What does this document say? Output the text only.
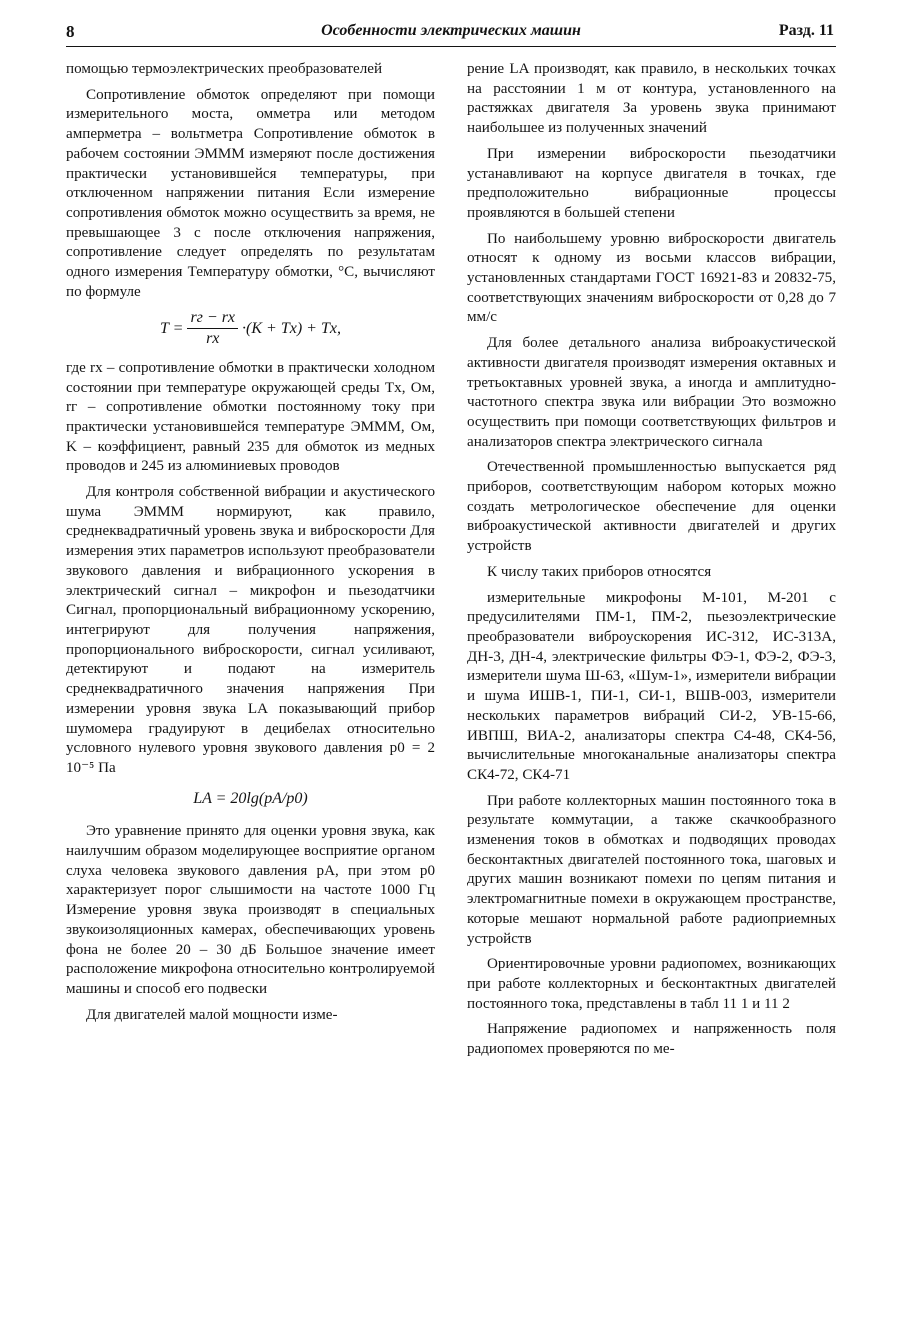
8	Особенности электрических машин	Разд. 11

помощью термоэлектрических преобразователей

Сопротивление обмоток определяют при помощи измерительного моста, омметра или методом амперметра – вольтметра Сопротивление обмоток в рабочем состоянии ЭММM измеряют после достижения практически установившейся температуры, при отключенном напряжении питания Если измерение сопротивления обмоток можно осуществить за время, не превышающее 3 с после отключения напряжения, сопротивление следует определять по результатам одного измерения Температуру обмотки, °С, вычисляют по формуле

$T = \frac{rг - rx}{rx} \cdot(K + Tx) + Tx$,

где rx – сопротивление обмотки в практически холодном состоянии при температуре окружающей среды Tx, Ом, rг – сопротивление обмотки постоянному току при практически установившейся температуре ЭММM, Ом, K – коэффициент, равный 235 для обмоток из медных проводов и 245 из алюминиевых проводов

Для контроля собственной вибрации и акустического шума ЭММM нормируют, как правило, среднеквадратичный уровень звука и виброскорости Для измерения этих параметров используют преобразователи звукового давления и вибрационного ускорения в электрический сигнал – микрофон и пьезодатчики Сигнал, пропорциональный вибрационному ускорению, интегрируют для получения напряжения, пропорционального виброскорости, сигнал усиливают, детектируют и подают на измеритель среднеквадратичного значения напряжения При измерении уровня звука LA показывающий прибор шумомера градуируют в децибелах относительно условного нулевого уровня звукового давления p0 = 2 10⁻⁵ Па

LA = 20lg(pA/p0)

Это уравнение принято для оценки уровня звука, как наилучшим образом моделирующее восприятие органом слуха человека звукового давления pA, при этом p0 характеризует порог слышимости на частоте 1000 Гц Измерение уровня звука производят в специальных звукоизоляционных камерах, обеспечивающих уровень фона не более 20 – 30 дБ Большое значение имеет расположение микрофона относительно контролируемой машины и способ его подвески

Для двигателей малой мощности изме-

рение LA производят, как правило, в нескольких точках на расстоянии 1 м от контура, установленного на растяжках двигателя За уровень звука принимают наибольшее из полученных значений

При измерении виброскорости пьезодатчики устанавливают на корпусе двигателя в точках, где предположительно вибрационные процессы проявляются в большей степени

По наибольшему уровню виброскорости двигатель относят к одному из восьми классов вибрации, установленных стандартами ГОСТ 16921-83 и 20832-75, соответствующих значениям виброскорости от 0,28 до 7 мм/с

Для более детального анализа виброакустической активности двигателя производят измерения октавных и третьоктавных уровней звука, а иногда и амплитудно-частотного спектра звука или вибрации Это возможно осуществить при помощи соответствующих фильтров и анализаторов спектра электрического сигнала

Отечественной промышленностью выпускается ряд приборов, соответствующим набором которых можно создать метрологическое обеспечение для оценки виброакустической активности двигателей и других устройств

К числу таких приборов относятся

измерительные микрофоны М-101, М-201 с предусилителями ПМ-1, ПМ-2, пьезоэлектрические преобразователи виброускорения ИС-312, ИС-313А, ДН-3, ДН-4, электрические фильтры ФЭ-1, ФЭ-2, ФЭ-3, измерители шума Ш-63, «Шум-1», измерители вибрации и шума ИШВ-1, ПИ-1, СИ-1, ВШВ-003, измерители нескольких параметров вибраций СИ-2, УВ-15-66, ИВПШ, ВИА-2, анализаторы спектра С4-48, СК4-56, вычислительные многоканальные анализаторы спектра СК4-72, СК4-71

При работе коллекторных машин постоянного тока в результате коммутации, а также скачкообразного изменения токов в обмотках и подводящих проводах бесконтактных двигателей постоянного тока, шаговых и других машин возникают помехи по цепям питания и электромагнитные помехи в окружающем пространстве, которые мешают нормальной работе радиоприемных устройств

Ориентировочные уровни радиопомех, возникающих при работе коллекторных и бесконтактных двигателей постоянного тока, представлены в табл 11 1 и 11 2

Напряжение радиопомех и напряженность поля радиопомех проверяются по ме-
